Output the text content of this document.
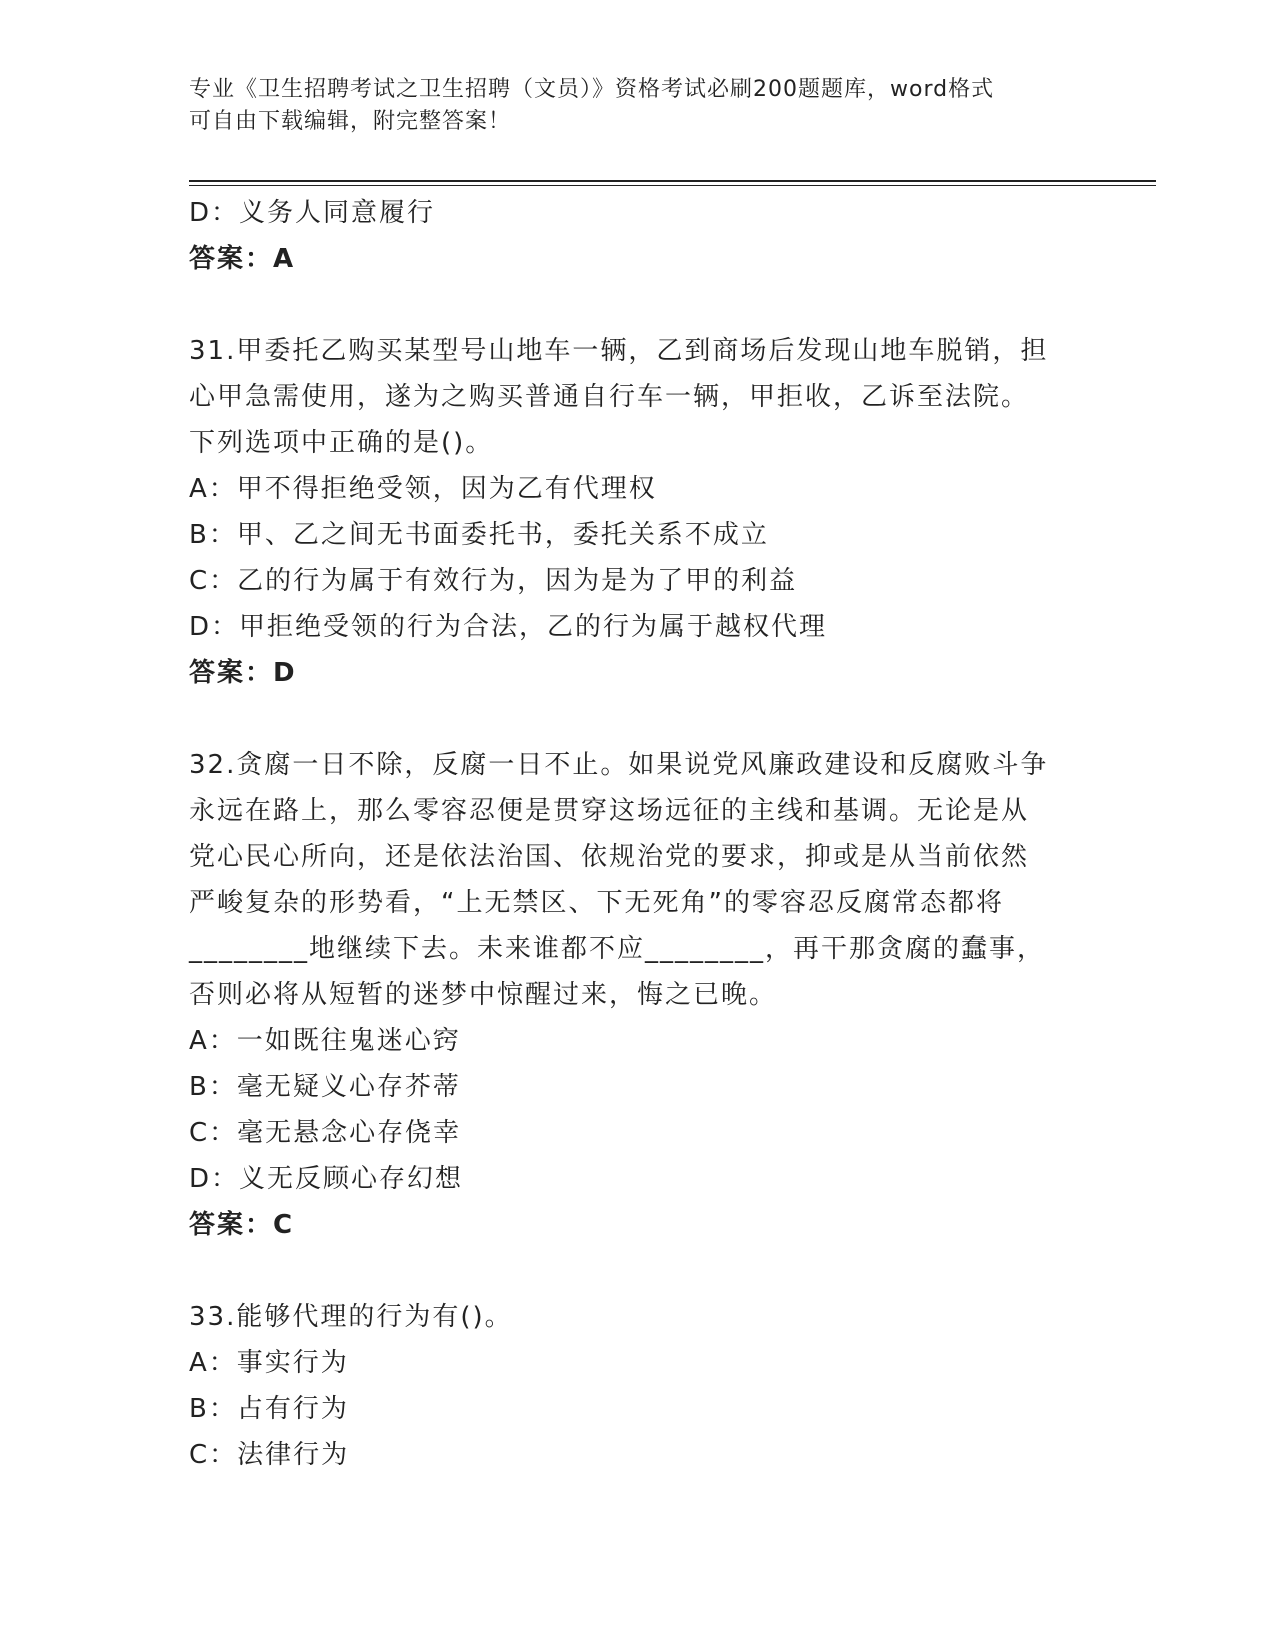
专业《卫生招聘考试之卫生招聘（文员）》资格考试必刷200题题库，word格式
可自由下载编辑，附完整答案！
D：义务人同意履行
答案：A
31.甲委托乙购买某型号山地车一辆，乙到商场后发现山地车脱销，担
心甲急需使用，遂为之购买普通自行车一辆，甲拒收，乙诉至法院。
下列选项中正确的是()。
A：甲不得拒绝受领，因为乙有代理权
B：甲、乙之间无书面委托书，委托关系不成立
C：乙的行为属于有效行为，因为是为了甲的利益
D：甲拒绝受领的行为合法，乙的行为属于越权代理
答案：D
32.贪腐一日不除，反腐一日不止。如果说党风廉政建设和反腐败斗争
永远在路上，那么零容忍便是贯穿这场远征的主线和基调。无论是从
党心民心所向，还是依法治国、依规治党的要求，抑或是从当前依然
严峻复杂的形势看，“上无禁区、下无死角”的零容忍反腐常态都将
________地继续下去。未来谁都不应________，再干那贪腐的蠢事，
否则必将从短暂的迷梦中惊醒过来，悔之已晚。
A：一如既往鬼迷心窍
B：毫无疑义心存芥蒂
C：毫无悬念心存侥幸
D：义无反顾心存幻想
答案：C
33.能够代理的行为有()。
A：事实行为
B：占有行为
C：法律行为
